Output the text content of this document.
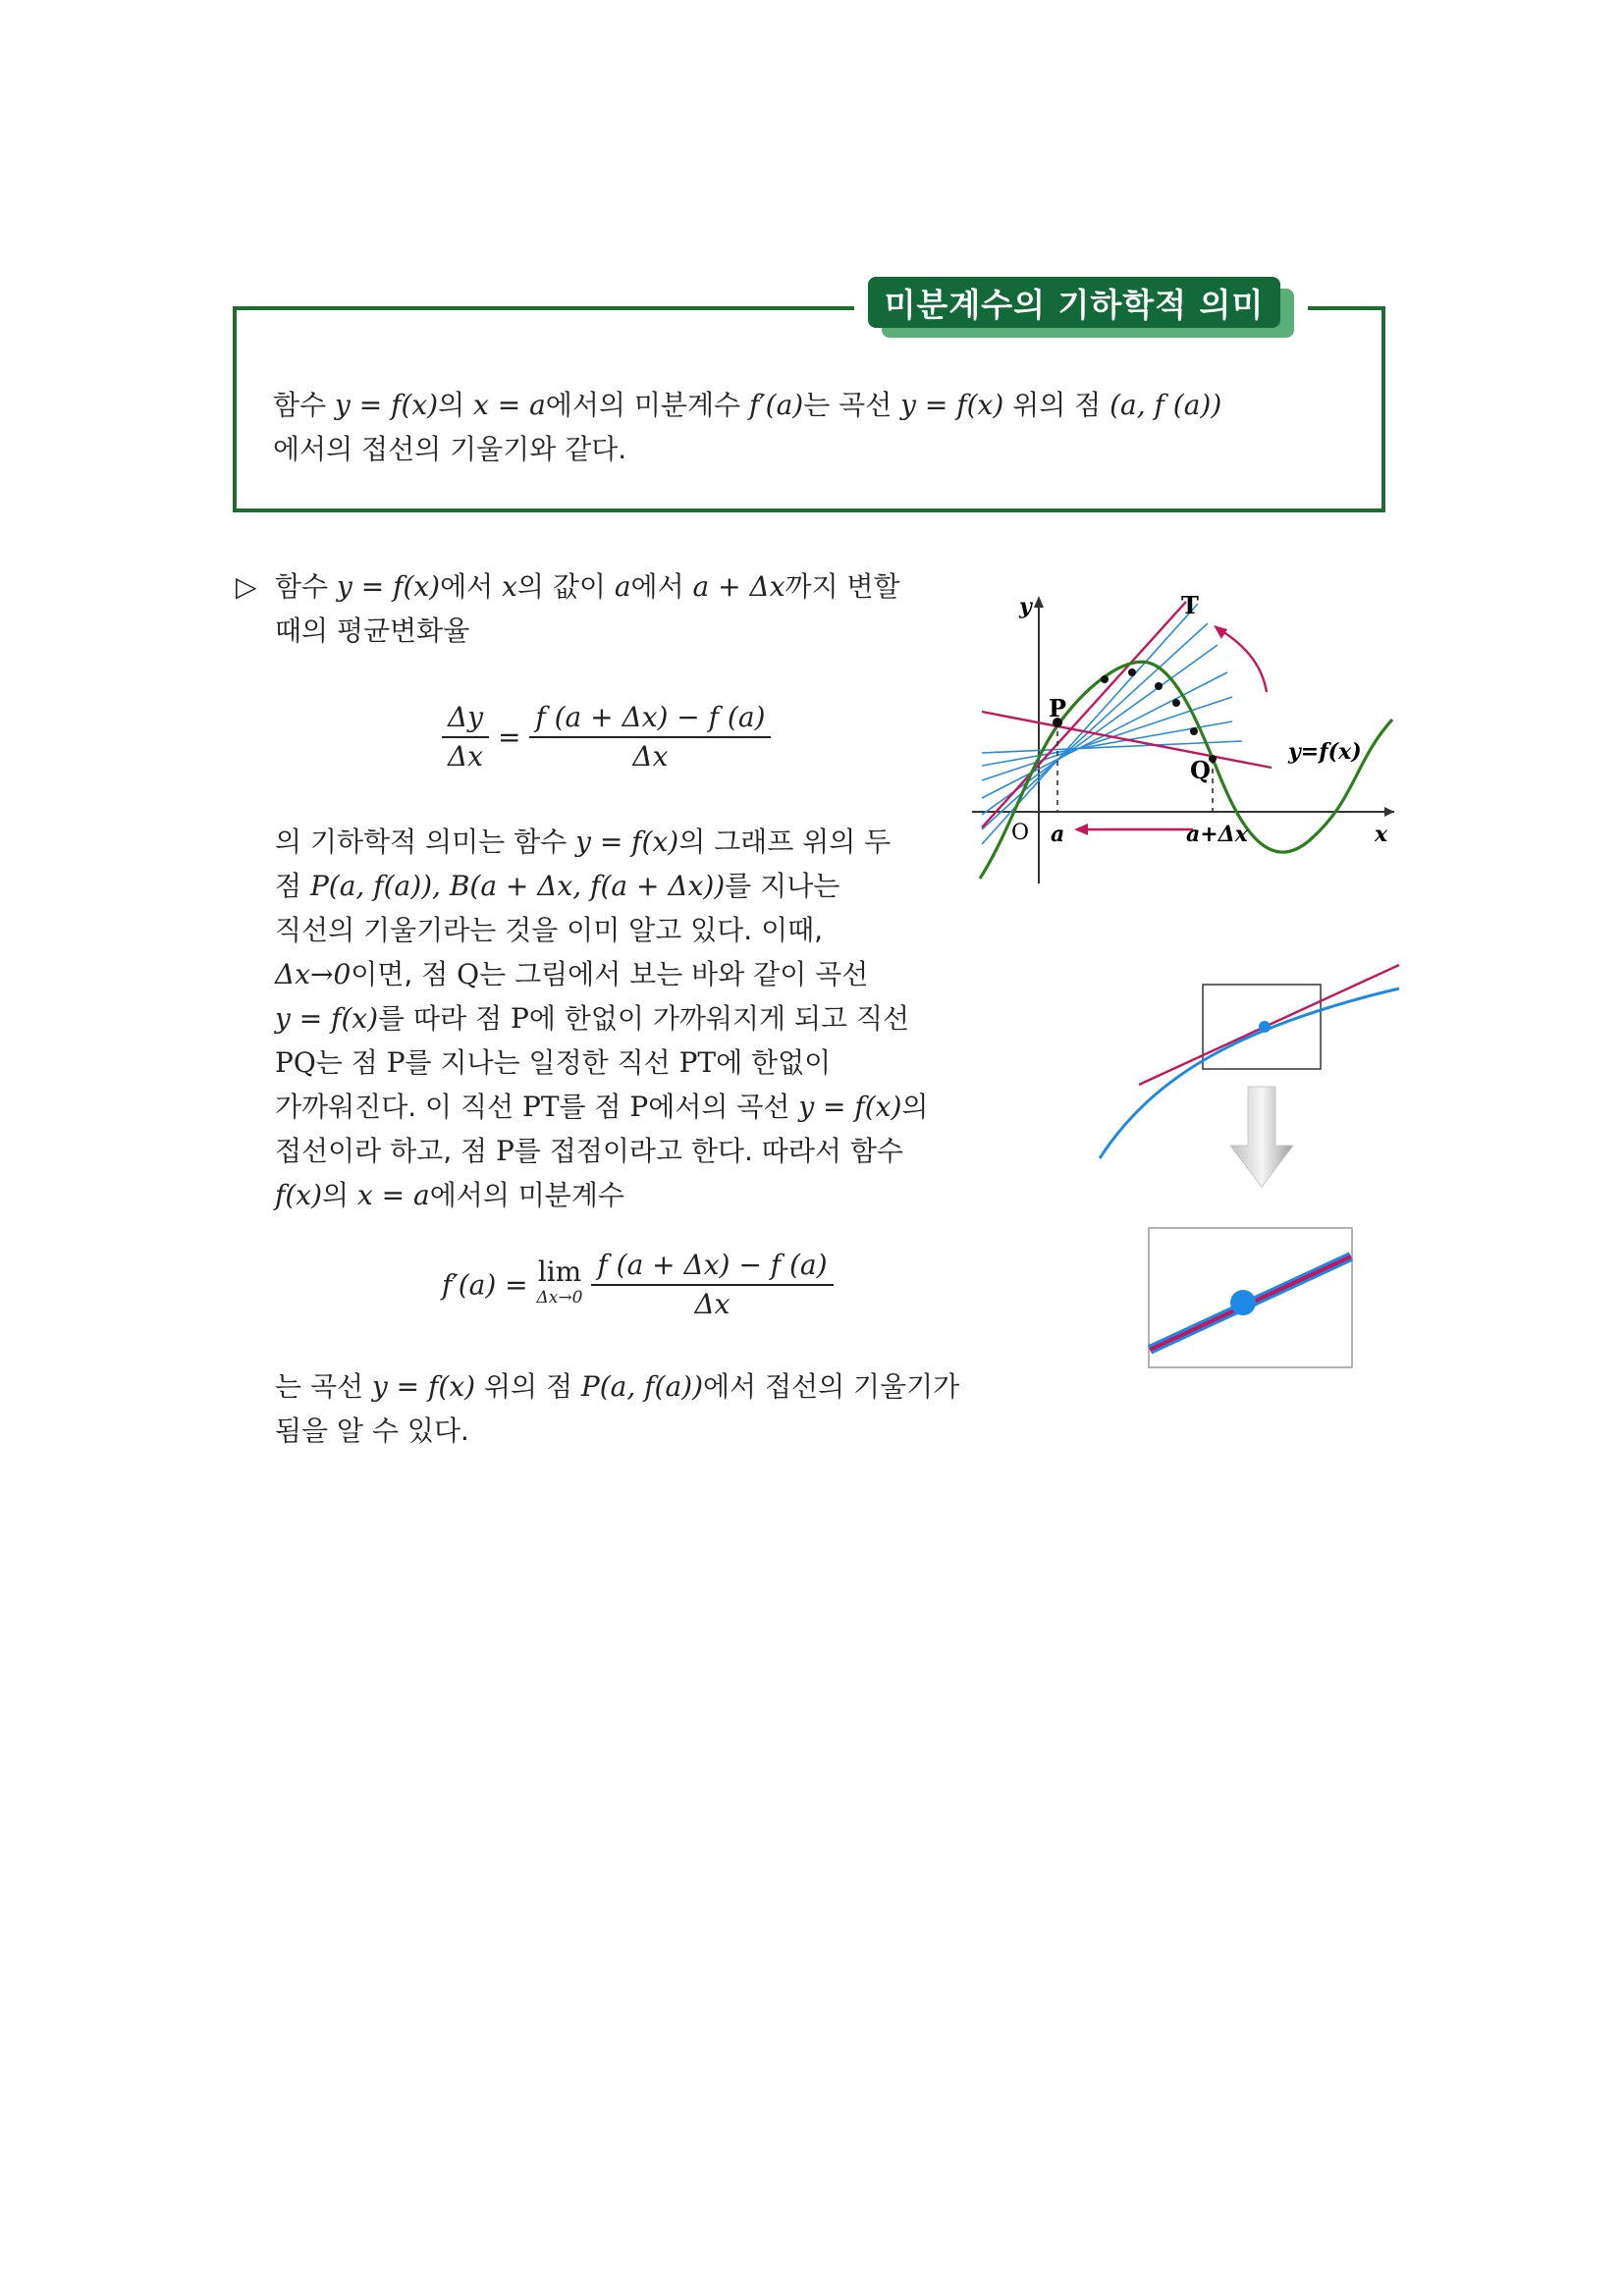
미분계수의 기하학적 의미
함수 y = f(x)의 x = a에서의 미분계수 f′(a)는 곡선 y = f(x) 위의 점 (a, f (a))
에서의 접선의 기울기와 같다.
▷ 함수 y = f(x)에서 x의 값이 a에서 a + Δx까지 변할
때의 평균변화율
$\frac{\Delta y}{\Delta x} = \frac{f (a + \Delta x) - f (a)}{\Delta x}$
의 기하학적 의미는 함수 y = f(x)의 그래프 위의 두
점 P(a, f(a)), B(a + Δx, f(a + Δx))를 지나는
직선의 기울기라는 것을 이미 알고 있다. 이때,
Δx→0이면, 점 Q는 그림에서 보는 바와 같이 곡선
y = f(x)를 따라 점 P에 한없이 가까워지게 되고 직선
PQ는 점 P를 지나는 일정한 직선 PT에 한없이
가까워진다. 이 직선 PT를 점 P에서의 곡선 y = f(x)의
접선이라 하고, 점 P를 접점이라고 한다. 따라서 함수
f(x)의 x = a에서의 미분계수
f′(a) = lim
Δx→0
$\frac{f (a + \Delta x) - f (a)}{\Delta x}$
는 곡선 y = f(x) 위의 점 P(a, f(a))에서 접선의 기울기가
됨을 알 수 있다.
y
x
O a	a+Δx
T
P
Q
y=f(x)
